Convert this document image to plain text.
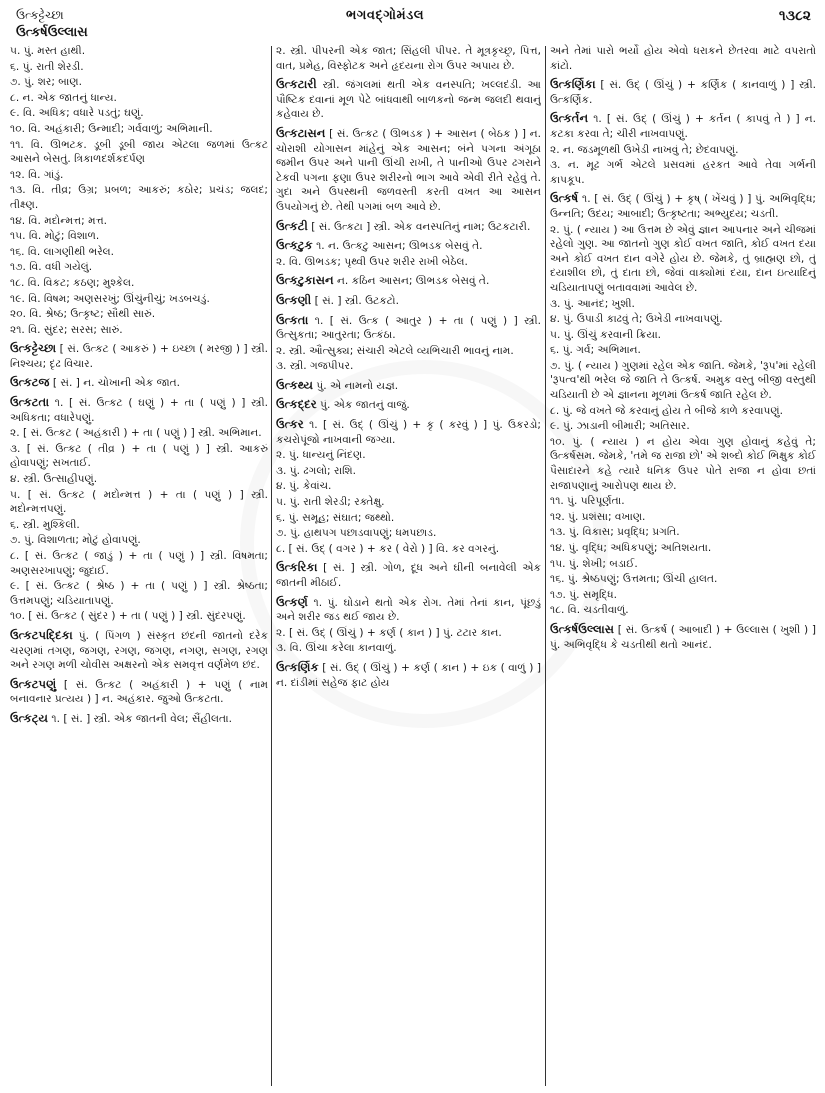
ઉત્કટ્ટેચ્છા
ઉત્કર્ષઉલ્લાસ
ભગવદ્ગોમંડલ	૧૩૮૨

૫. પું. મસ્ત હાથી.

૬. પું. રાતી શેરડી.

૭. પું. શર; બાણ.

૮. ન. એક જાતનું ધાન્ય.

૯. વિ. અધિક; વધારે પડતું; ઘણું.

૧૦. વિ. અહંકારી; ઉન્માદી; ગર્વવાળું; અભિમાની.

૧૧. વિ. ઊભટક. ડૂબી ડૂબી જાય એટલા જળમાં ઉત્કટ આસને બેસતું. ત્રિકાળદર્શકદર્પણ

૧૨. વિ. ગાંડું.

૧૩. વિ. તીવ્ર; ઉગ્ર; પ્રબળ; આકરું; કઠોર; પ્રચંડ; જલદ; તીક્ષ્ણ.

૧૪. વિ. મદોન્મત્ત; મત્ત.

૧૫. વિ. મોટું; વિશાળ.

૧૬. વિ. લાગણીથી ભરેલ.

૧૭. વિ. વધી ગયેલું.

૧૮. વિ. વિકટ; કઠણ; મુશ્કેલ.

૧૯. વિ. વિષમ; અણસરખું; ઊંચુંનીચું; ખડબચડું.

૨૦. વિ. શ્રેષ્ઠ; ઉત્કૃષ્ટ; સૌથી સારું.

૨૧. વિ. સુંદર; સરસ; સારું.

ઉત્કટ્ટેચ્છા [ સં. ઉત્કટ ( આકરું ) + ઇચ્છા ( મરજી ) ] સ્ત્રી. નિશ્ચય; દૃઢ વિચાર.

ઉત્કટજ [ સં. ] ન. ચોખાની એક જાત.

ઉત્કટતા ૧. [ સં. ઉત્કટ ( ઘણું ) + તા ( પણું ) ] સ્ત્રી. અધિકતા; વધારેપણું.

૨. [ સં. ઉત્કટ ( અહંકારી ) + તા ( પણું ) ] સ્ત્રી. અભિમાન.

૩. [ સં. ઉત્કટ ( તીવ્ર ) + તા ( પણું ) ] સ્ત્રી. આકરું હોવાપણું; સખતાઈ.

૪. સ્ત્રી. ઉત્સાહીપણું.

૫. [ સં. ઉત્કટ ( મદોન્મત્ત ) + તા ( પણું ) ] સ્ત્રી. મદોન્મત્તપણું.

૬. સ્ત્રી. મુશ્કિલી.

૭. પું. વિશાળતા; મોટું હોવાપણું.

૮. [ સં. ઉત્કટ ( જાડું ) + તા ( પણું ) ] સ્ત્રી. વિષમતા; અણસરખાપણું; જુદાઈ.

૯. [ સં. ઉત્કટ ( શ્રેષ્ઠ ) + તા ( પણું ) ] સ્ત્રી. શ્રેષ્ઠતા; ઉત્તમપણું; ચડિયાતાપણું.

૧૦. [ સં. ઉત્કટ ( સુંદર ) + તા ( પણું ) ] સ્ત્રી. સુંદરપણું.

ઉત્કટપદ્દિકા પું. ( પિંગળ ) સંસ્કૃત છંદની જાતનો દરેક ચરણમાં તગણ, જગણ, રગણ, જગણ, નગણ, સગણ, રગણ અને રગણ મળી ચોવીસ અક્ષરનો એક સમવૃત્ત વર્ણમેળ છંદ.

ઉત્કટપણું [ સં. ઉત્કટ ( અહંકારી ) + પણું ( નામ બનાવનાર પ્રત્યય ) ] ન. અહંકાર. જુઓ ઉત્કટતા.

ઉત્કટ્ય ૧. [ સં. ] સ્ત્રી. એક જાતની વેલ; સૈંહીલતા.

૨. સ્ત્રી. પીપરની એક જાત; સિંહલી પીપર. તે મૂત્રકૃચ્છ્ર, પિત્ત, વાત, પ્રમેહ, વિસ્ફોટક અને હૃદયના રોગ ઉપર અપાય છે.

ઉત્કટારી સ્ત્રી. જંગલમાં થતી એક વનસ્પતિ; ખલ્લદંડી. આ પૌષ્ટિક દવાનાં મૂળ પેટે બાંધવાથી બાળકનો જન્મ જલદી થવાનું કહેવાય છે.

ઉત્કટાસન [ સં. ઉત્કટ ( ઊભડક ) + આસન ( બેઠક ) ] ન. ચોરાશી યોગાસન માંહેનું એક આસન; બંને પગના અંગૂઠા જમીન ઉપર અને પાની ઊંચી રાખી, તે પાનીઓ ઉપર ઢગરાને ટેકવી પગના ફણા ઉપર શરીરનો ભાગ આવે એવી રીતે રહેવું તે. ગુદા અને ઉપસ્થની જળવસ્તી કરતી વખત આ આસન ઉપયોગનું છે. તેથી પગમાં બળ આવે છે.

ઉત્કટી [ સં. ઉત્કટા ] સ્ત્રી. એક વનસ્પતિનું નામ; ઉટકટારી.

ઉત્કટુક ૧. ન. ઉત્કટુ આસન; ઊભડક બેસવું તે.

૨. વિ. ઊભડક; પૃથ્વી ઉપર શરીર રાખી બેઠેલ.

ઉત્કટુકાસન ન. કઠિન આસન; ઊભડક બેસવું તે.

ઉત્કણી [ સં. ] સ્ત્રી. ઉટકટો.

ઉત્કતા ૧. [ સં. ઉત્ક ( આતુર ) + તા ( પણું ) ] સ્ત્રી. ઉત્સુકતા; આતુરતા; ઉત્કંઠા.

૨. સ્ત્રી. ઔત્સુક્ય; સંચારી એટલે વ્યભિચારી ભાવનું નામ.

૩. સ્ત્રી. ગજપીપર.

ઉત્કથ્ય પું. એ નામનો યજ્ઞ.

ઉત્કદ્દર પું. એક જાતનું વાજું.

ઉત્કર ૧. [ સં. ઉદ્ ( ઊંચું ) + કૃ ( કરવું ) ] પું. ઉકરડો; કચરોપૂંજો નાખવાની જગ્યા.

૨. પું. ધાન્યનું નિંદણ.

૩. પું. ઢગલો; રાશિ.

૪. પું. કેવાંચ.

૫. પું. રાતી શેરડી; રક્તેક્ષુ.

૬. પું. સમૂહ; સંઘાત; જથ્થો.

૭. પું. હાથપગ પછાડવાપણું; ધમપછાડ.

૮. [ સં. ઉદ્ ( વગર ) + કર ( વેરો ) ] વિ. કર વગરનું.

ઉત્કરિકા [ સં. ] સ્ત્રી. ગોળ, દૂધ અને ઘીની બનાવેલી એક જાતની મીઠાઈ.

ઉત્કર્ણ ૧. પું. ઘોડાને થતો એક રોગ. તેમાં તેનાં કાન, પૂંછડું અને શરીર જડ થઈ જાય છે.

૨. [ સં. ઉદ્ ( ઊંચું ) + કર્ણ ( કાન ) ] પું. ટટાર કાન.

૩. વિ. ઊંચા કરેલા કાનવાળું.

ઉત્કર્ણિક [ સં. ઉદ્ ( ઊંચું ) + કર્ણ ( કાન ) + ઇક ( વાળું ) ] ન. દાંડીમાં સહેજ ફાટ હોય

અને તેમાં પારો ભર્યો હોય એવો ધરાકને છેતરવા માટે વપરાતો કાંટો.

ઉત્કર્ણિકા [ સં. ઉદ્ ( ઊંચું ) + કર્ણિક ( કાનવાળું ) ] સ્ત્રી. ઉત્કર્ણિક.

ઉત્કર્તન ૧. [ સં. ઉદ્ ( ઊંચું ) + કર્તન ( કાપવું તે ) ] ન. કટકા કરવા તે; ચીરી નાખવાપણું.

૨. ન. જડમૂળથી ઉખેડી નાખવું તે; છેદવાપણું.

૩. ન. મૂઢ ગર્ભ એટલે પ્રસવમાં હરકત આવે તેવા ગર્ભની કાપકૂપ.

ઉત્કર્ષ ૧. [ સં. ઉદ્ ( ઊંચું ) + કૃષ્ ( ખેંચવું ) ] પું. અભિવૃદ્ધિ; ઉન્નતિ; ઉદય; આબાદી; ઉત્કૃષ્ટતા; અભ્યુદય; ચડતી.

૨. પું. ( ન્યાય ) આ ઉત્તમ છે એવું જ્ઞાન આપનાર અને ચીજમાં રહેલો ગુણ. આ જાતનો ગુણ કોઈ વખત જાતિ, કોઈ વખત દયા અને કોઈ વખત દાન વગેરે હોય છે. જેમકે, તું બ્રાહ્મણ છો, તું દયાશીલ છો, તું દાતા છો, જેવાં વાક્યોમાં દયા, દાન ઇત્યાદિનું ચડિયાતાપણું બતાવવામાં આવેલ છે.

૩. પું. આનંદ; ખુશી.

૪. પું. ઉપાડી કાઢવું તે; ઉખેડી નાખવાપણું.

૫. પું. ઊંચું કરવાની ક્રિયા.

૬. પું. ગર્વ; અભિમાન.

૭. પું. ( ન્યાય ) ગુણમાં રહેલ એક જાતિ. જેમકે, 'રૂપ'માં રહેલી 'રૂપત્વ'થી ભરેલ જે જાતિ તે ઉત્કર્ષ. અમુક વસ્તુ બીજી વસ્તુથી ચડિયાતી છે એ જ્ઞાનના મૂળમાં ઉત્કર્ષ જાતિ રહેલ છે.

૮. પું. જે વખતે જે કરવાનું હોય તે બીજે કાળે કરવાપણું.

૯. પું. ઝાડાની બીમારી; અતિસાર.

૧૦. પું. ( ન્યાય ) ન હોય એવા ગુણ હોવાનું કહેવું તે; ઉત્કર્ષસમ. જેમકે, 'તમે જ રાજા છો' એ શબ્દો કોઈ ભિક્ષુક કોઈ પૈસાદારને કહે ત્યારે ધનિક ઉપર પોતે રાજા ન હોવા છતાં રાજાપણાનું આરોપણ થાય છે.

૧૧. પું. પરિપૂર્ણતા.

૧૨. પું. પ્રશંસા; વખાણ.

૧૩. પું. વિકાસ; પ્રવૃદ્ધિ; પ્રગતિ.

૧૪. પું. વૃદ્ધિ; અધિકપણું; અતિશયતા.

૧૫. પું. શેખી; બડાઈ.

૧૬. પું. શ્રેષ્ઠપણું; ઉત્તમતા; ઊંચી હાલત.

૧૭. પું. સમૃદ્ધિ.

૧૮. વિ. ચડતીવાળું.

ઉત્કર્ષઉલ્લાસ [ સં. ઉત્કર્ષ ( આબાદી ) + ઉલ્લાસ ( ખુશી ) ] પું. અભિવૃદ્ધિ કે ચડતીથી થતો આનંદ.
